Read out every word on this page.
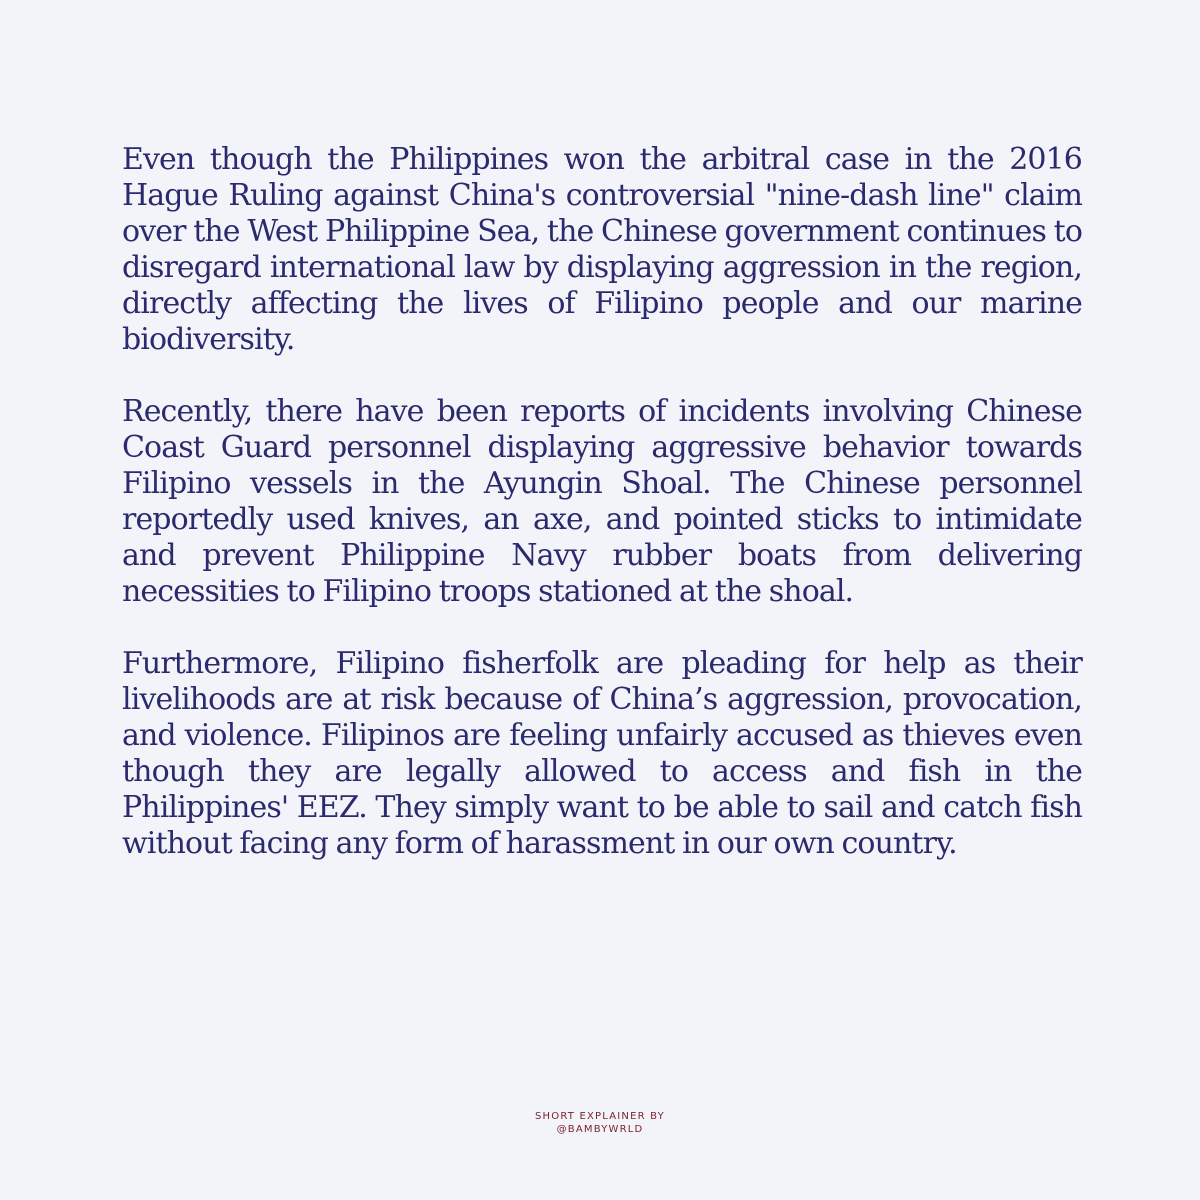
Even though the Philippines won the arbitral case in the 2016 Hague Ruling against China's controversial "nine-dash line" claim over the West Philippine Sea, the Chinese government continues to disregard international law by displaying aggression in the region, directly affecting the lives of Filipino people and our marine biodiversity.

Recently, there have been reports of incidents involving Chinese Coast Guard personnel displaying aggressive behavior towards Filipino vessels in the Ayungin Shoal. The Chinese personnel reportedly used knives, an axe, and pointed sticks to intimidate and prevent Philippine Navy rubber boats from delivering necessities to Filipino troops stationed at the shoal.

Furthermore, Filipino fisherfolk are pleading for help as their livelihoods are at risk because of China’s aggression, provocation, and violence. Filipinos are feeling unfairly accused as thieves even though they are legally allowed to access and fish in the Philippines' EEZ. They simply want to be able to sail and catch fish without facing any form of harassment in our own country.

SHORT EXPLAINER BY
@BAMBYWRLD
